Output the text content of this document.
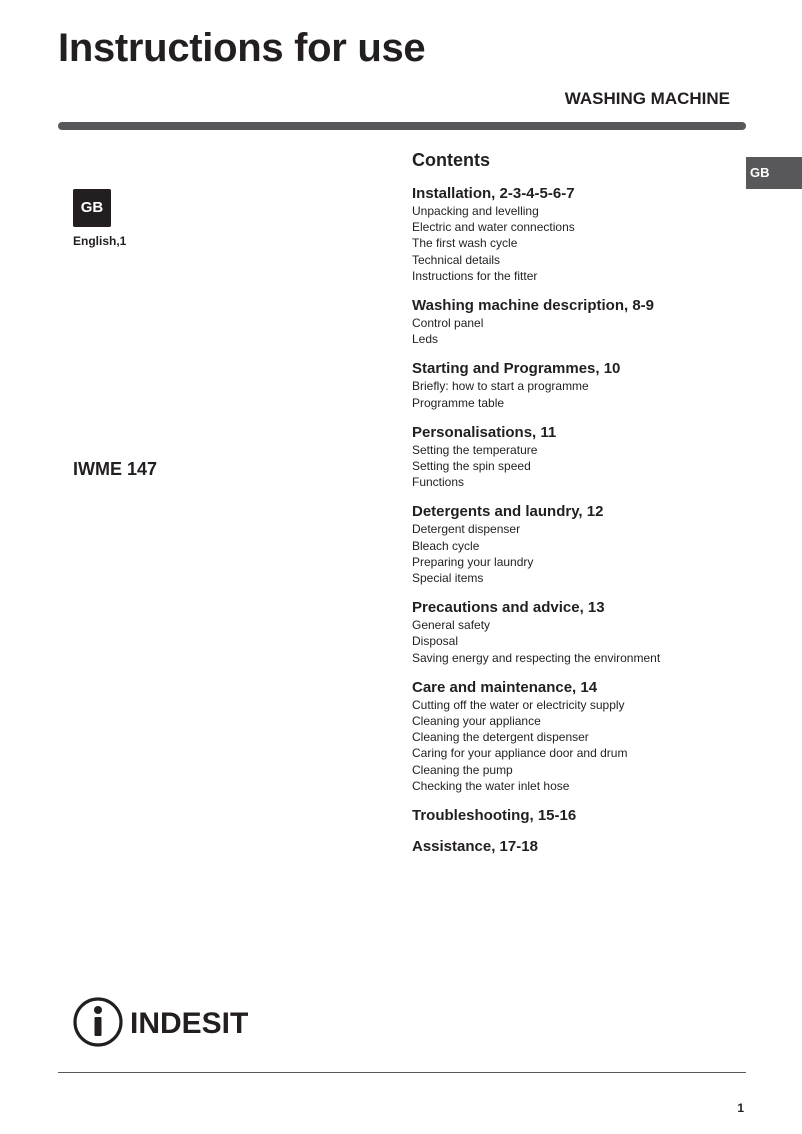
Instructions for use
WASHING MACHINE
GB
GB
English,1
IWME 147
Contents
Installation, 2-3-4-5-6-7
Unpacking and levelling
Electric and water connections
The first wash cycle
Technical details
Instructions for the fitter
Washing machine description, 8-9
Control panel
Leds
Starting and Programmes, 10
Briefly: how to start a programme
Programme table
Personalisations, 11
Setting the temperature
Setting the spin speed
Functions
Detergents and laundry, 12
Detergent dispenser
Bleach cycle
Preparing your laundry
Special items
Precautions and advice, 13
General safety
Disposal
Saving energy and respecting the environment
Care and maintenance, 14
Cutting off the water or electricity supply
Cleaning your appliance
Cleaning the detergent dispenser
Caring for your appliance door and drum
Cleaning the pump
Checking the water inlet hose
Troubleshooting, 15-16
Assistance, 17-18
INDESIT
1
